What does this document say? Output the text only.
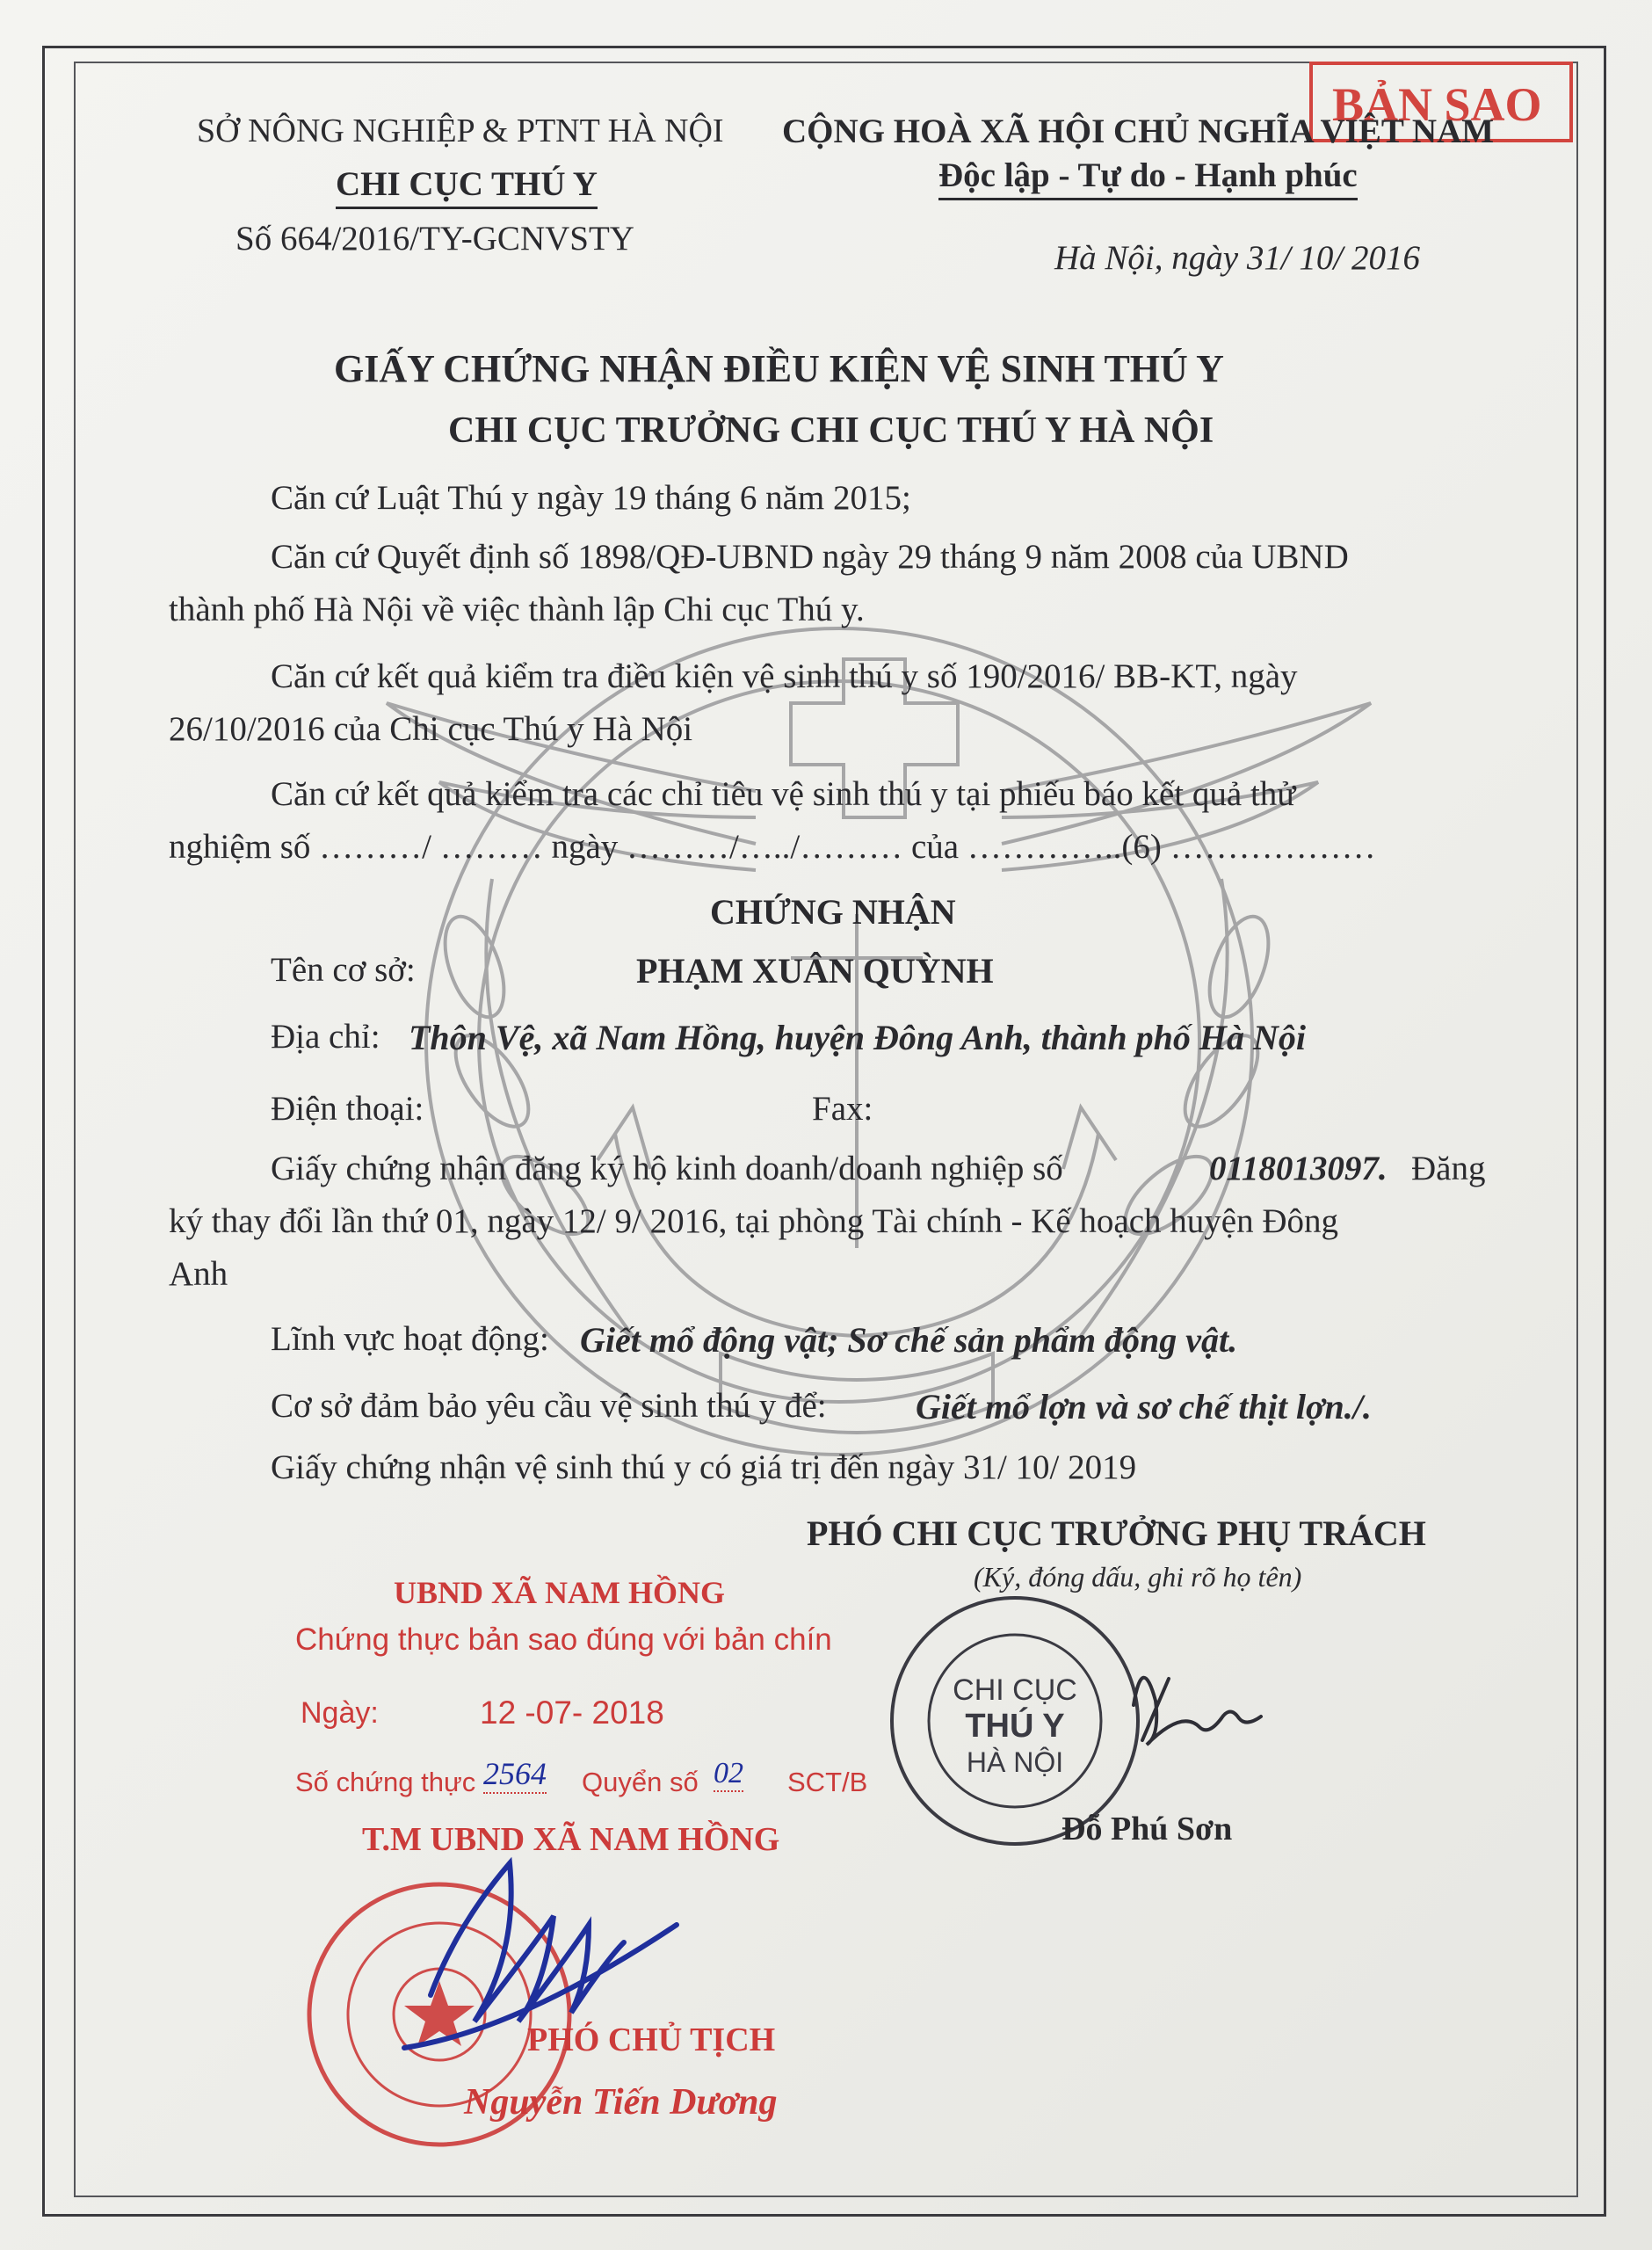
BẢN SAO
SỞ NÔNG NGHIỆP & PTNT HÀ NỘI
CHI CỤC THÚ Y
Số 664/2016/TY-GCNVSTY
CỘNG HOÀ XÃ HỘI CHỦ NGHĨA VIỆT NAM
Độc lập - Tự do - Hạnh phúc
Hà Nội, ngày 31/ 10/ 2016
GIẤY CHỨNG NHẬN ĐIỀU KIỆN VỆ SINH THÚ Y
CHI CỤC TRƯỞNG CHI CỤC THÚ Y HÀ NỘI
Căn cứ Luật Thú y ngày 19 tháng 6 năm 2015;
Căn cứ Quyết định số 1898/QĐ-UBND ngày 29 tháng 9 năm 2008 của UBND
thành phố Hà Nội về việc thành lập Chi cục Thú y.
Căn cứ kết quả kiểm tra điều kiện vệ sinh thú y số 190/2016/ BB-KT, ngày
26/10/2016 của Chi cục Thú y Hà Nội
Căn cứ kết quả kiểm tra các chỉ tiêu vệ sinh thú y tại phiếu báo kết quả thử
nghiệm số ………/ ……… ngày ………/…../……… của …………..(6) ………………
CHỨNG NHẬN
Tên cơ sở:	PHẠM XUÂN QUỲNH
Địa chỉ: Thôn Vệ, xã Nam Hồng, huyện Đông Anh, thành phố Hà Nội
Điện thoại:	Fax:
Giấy chứng nhận đăng ký hộ kinh doanh/doanh nghiệp số	0118013097. Đăng
ký thay đổi lần thứ 01, ngày 12/ 9/ 2016, tại phòng Tài chính - Kế hoạch huyện Đông
Anh
Lĩnh vực hoạt động: Giết mổ động vật; Sơ chế sản phẩm động vật.
Cơ sở đảm bảo yêu cầu vệ sinh thú y để:	Giết mổ lợn và sơ chế thịt lợn./.
Giấy chứng nhận vệ sinh thú y có giá trị đến ngày 31/ 10/ 2019
PHÓ CHI CỤC TRƯỞNG PHỤ TRÁCH
(Ký, đóng dấu, ghi rõ họ tên)
CHI CỤC
THÚ Y
HÀ NỘI
Đỗ Phú Sơn
UBND XÃ NAM HỒNG
Chứng thực bản sao đúng với bản chín
Ngày:	12 -07- 2018
Số chứng thực 2564 Quyển số 02 SCT/B
T.M UBND XÃ NAM HỒNG
PHÓ CHỦ TỊCH
Nguyễn Tiến Dương
